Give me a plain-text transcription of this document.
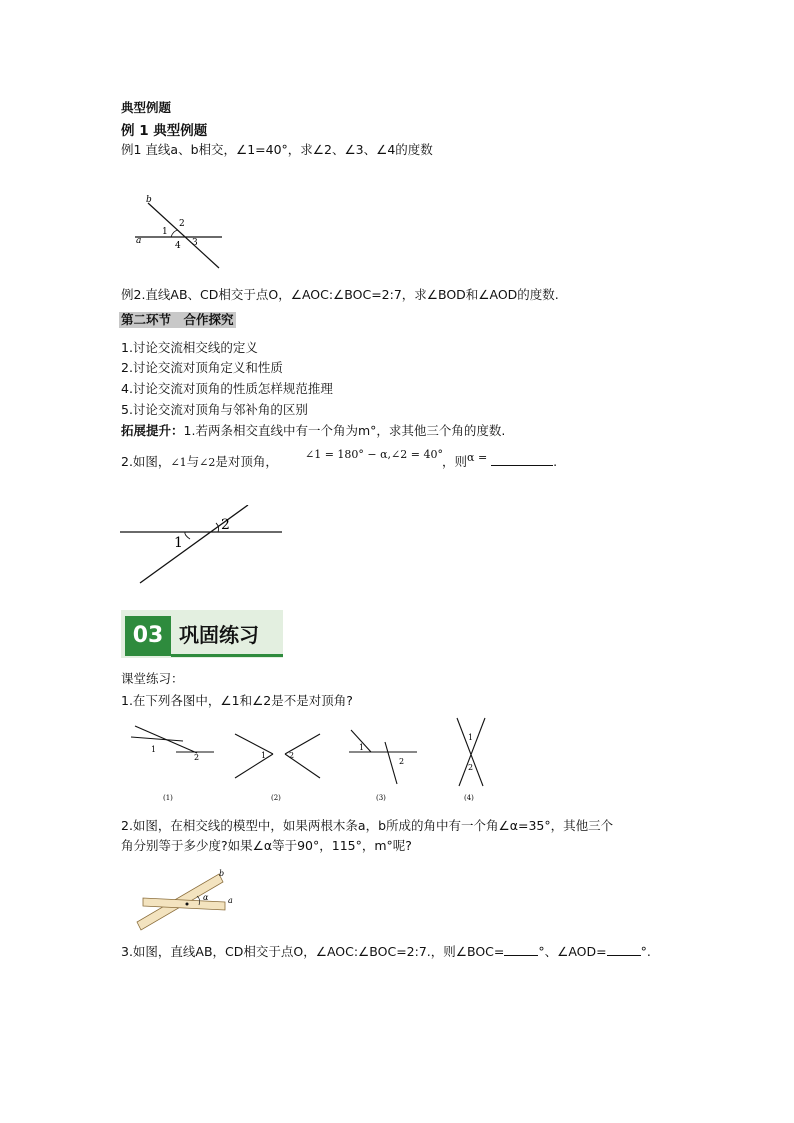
典型例题
例 1 典型例题
例1 直线a、b相交，∠1=40°，求∠2、∠3、∠4的度数
b
a
1
2
3
4
例2.直线AB、CD相交于点O，∠AOC:∠BOC=2:7，求∠BOD和∠AOD的度数.
第二环节　合作探究
1.讨论交流相交线的定义
2.讨论交流对顶角定义和性质
4.讨论交流对顶角的性质怎样规范推理
5.讨论交流对顶角与邻补角的区别
拓展提升：1.若两条相交直线中有一个角为m°，求其他三个角的度数.
2.如图，∠1与∠2是对顶角， ∠1 = 180° − α,∠2 = 40° ，则α =	.
1
2
03 巩固练习
课堂练习：
1.在下列各图中，∠1和∠2是不是对顶角?
1
2
(1)
1	2
(2)
1
2
(3)
1
2
(4)
2.如图，在相交线的模型中，如果两根木条a，b所成的角中有一个角∠α=35°，其他三个
角分别等于多少度?如果∠α等于90°，115°，m°呢?
b
α a
3.如图，直线AB，CD相交于点O，∠AOC:∠BOC=2:7.，则∠BOC=	°、∠AOD=	°.
